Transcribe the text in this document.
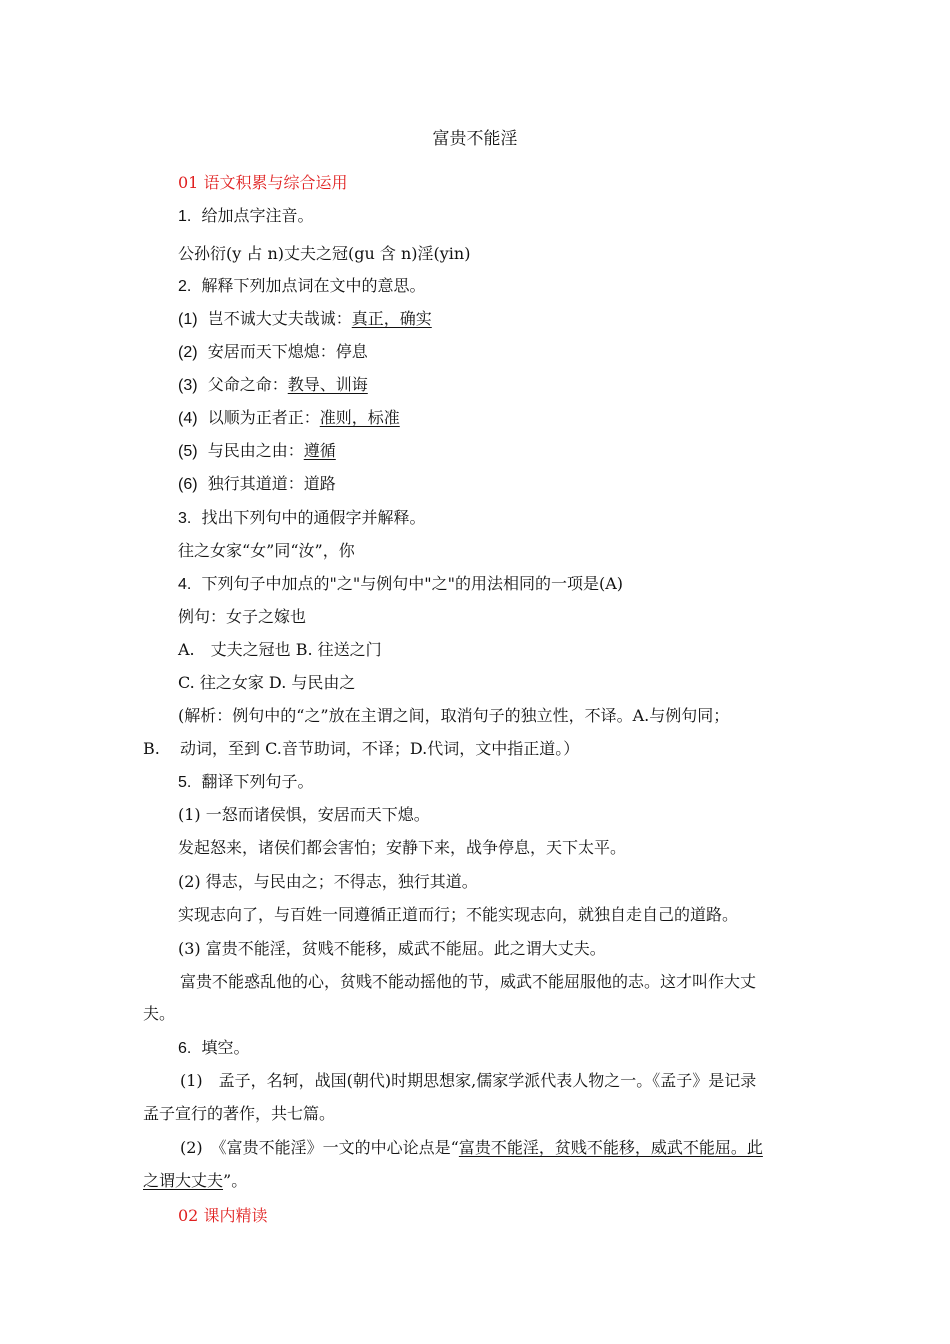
富贵不能淫
01 语文积累与综合运用
1. 给加点字注音。
公孙衍(y 占 n)丈夫之冠(gu 含 n)淫(yin)
2. 解释下列加点词在文中的意思。
(1) 岂不诚大丈夫哉诚：真正，确实
(2) 安居而天下熄熄：停息
(3) 父命之命：教导、训诲
(4) 以顺为正者正：准则，标准
(5) 与民由之由：遵循
(6) 独行其道道：道路
3. 找出下列句中的通假字并解释。
往之女家“女”同“汝”，你
4. 下列句子中加点的"之"与例句中"之"的用法相同的一项是(A)
例句：女子之嫁也
A.　丈夫之冠也 B. 往送之门
C. 往之女家 D. 与民由之
(解析：例句中的“之”放在主谓之间，取消句子的独立性，不译。A.与例句同；
B. 动词，至到 C.音节助词，不译；D.代词，文中指正道。）
5. 翻译下列句子。
(1) 一怒而诸侯惧，安居而天下熄。
发起怒来，诸侯们都会害怕；安静下来，战争停息，天下太平。
(2) 得志，与民由之；不得志，独行其道。
实现志向了，与百姓一同遵循正道而行；不能实现志向，就独自走自己的道路。
(3) 富贵不能淫，贫贱不能移，威武不能屈。此之谓大丈夫。
富贵不能惑乱他的心，贫贱不能动摇他的节，威武不能屈服他的志。这才叫作大丈
夫。
6. 填空。
(1)　孟子，名轲，战国(朝代)时期思想家,儒家学派代表人物之一。《孟子》是记录
孟子宣行的著作，共七篇。
(2)　《富贵不能淫》一文的中心论点是“富贵不能淫，贫贱不能移，威武不能屈。此
之谓大丈夫”。
02 课内精读
